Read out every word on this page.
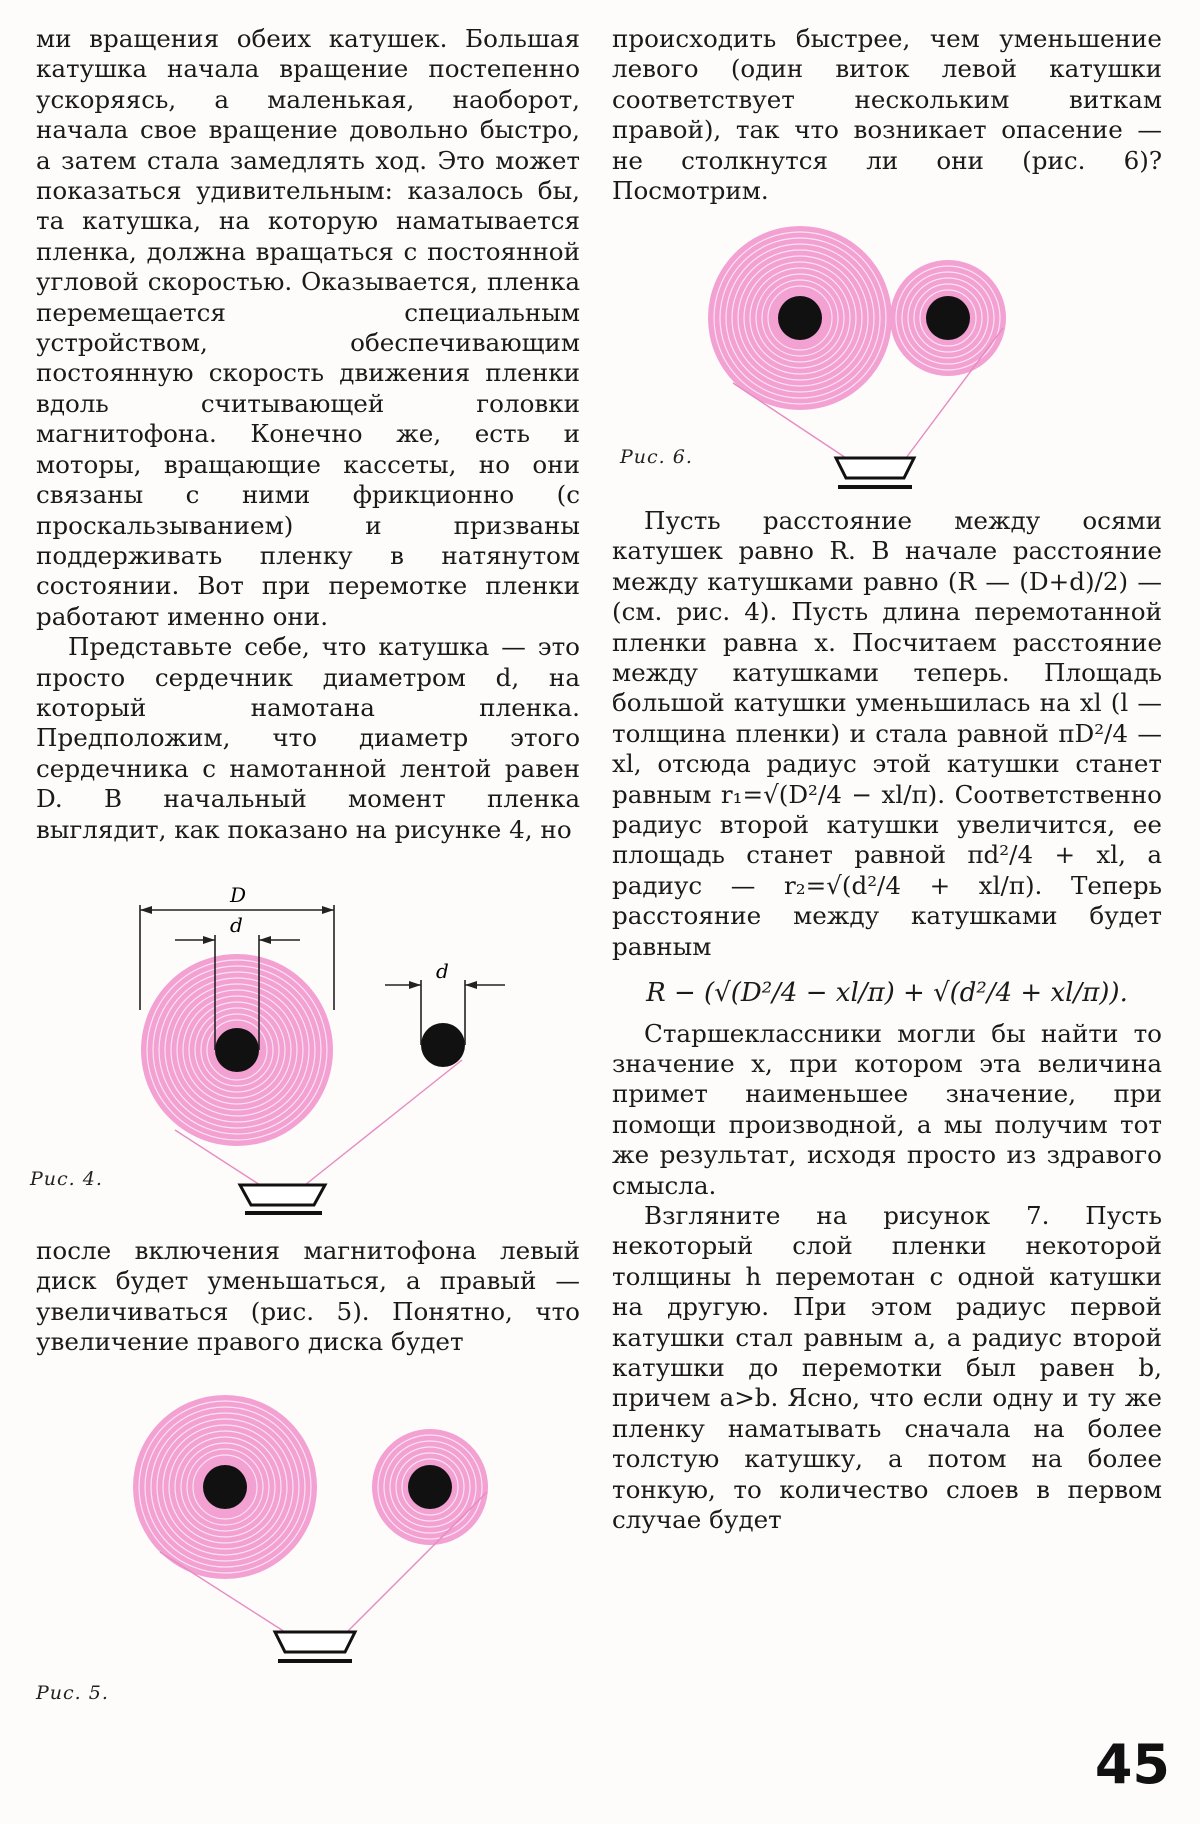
ми вращения обеих катушек. Большая катушка начала вращение постепенно ускоряясь, а маленькая, наоборот, начала свое вращение довольно быстро, а затем стала замедлять ход. Это может показаться удивительным: казалось бы, та катушка, на которую наматывается пленка, должна вращаться с постоянной угловой скоростью. Оказывается, пленка перемещается специальным устройством, обеспечивающим постоянную скорость движения пленки вдоль считывающей головки магнитофона. Конечно же, есть и моторы, вращающие кассеты, но они связаны с ними фрикционно (с проскальзыванием) и призваны поддерживать пленку в натянутом состоянии. Вот при перемотке пленки работают именно они.

Представьте себе, что катушка — это просто сердечник диаметром d, на который намотана пленка. Предположим, что диаметр этого сердечника с намотанной лентой равен D. В начальный момент пленка выглядит, как показано на рисунке 4, но

D
d
d
Рис. 4.

после включения магнитофона левый диск будет уменьшаться, а правый — увеличиваться (рис. 5). Понятно, что увеличение правого диска будет

Рис. 5.

происходить быстрее, чем уменьшение левого (один виток левой катушки соответствует нескольким виткам правой), так что возникает опасение — не столкнутся ли они (рис. 6)? Посмотрим.

Рис. 6.

Пусть расстояние между осями катушек равно R. В начале расстояние между катушками равно (R — (D+d)/2) — (см. рис. 4). Пусть длина перемотанной пленки равна x. Посчитаем расстояние между катушками теперь. Площадь большой катушки уменьшилась на xl (l — толщина пленки) и стала равной πD²/4 — xl, отсюда радиус этой катушки станет равным r₁=√(D²/4 − xl/π). Соответственно радиус второй катушки увеличится, ее площадь станет равной πd²/4 + xl, а радиус — r₂=√(d²/4 + xl/π). Теперь расстояние между катушками будет равным

R − (√(D²/4 − xl/π) + √(d²/4 + xl/π)).

Старшеклассники могли бы найти то значение x, при котором эта величина примет наименьшее значение, при помощи производной, а мы получим тот же результат, исходя просто из здравого смысла.

Взгляните на рисунок 7. Пусть некоторый слой пленки некоторой толщины h перемотан с одной катушки на другую. При этом радиус первой катушки стал равным a, а радиус второй катушки до перемотки был равен b, причем a>b. Ясно, что если одну и ту же пленку наматывать сначала на более толстую катушку, а потом на более тонкую, то количество слоев в первом случае будет

45
